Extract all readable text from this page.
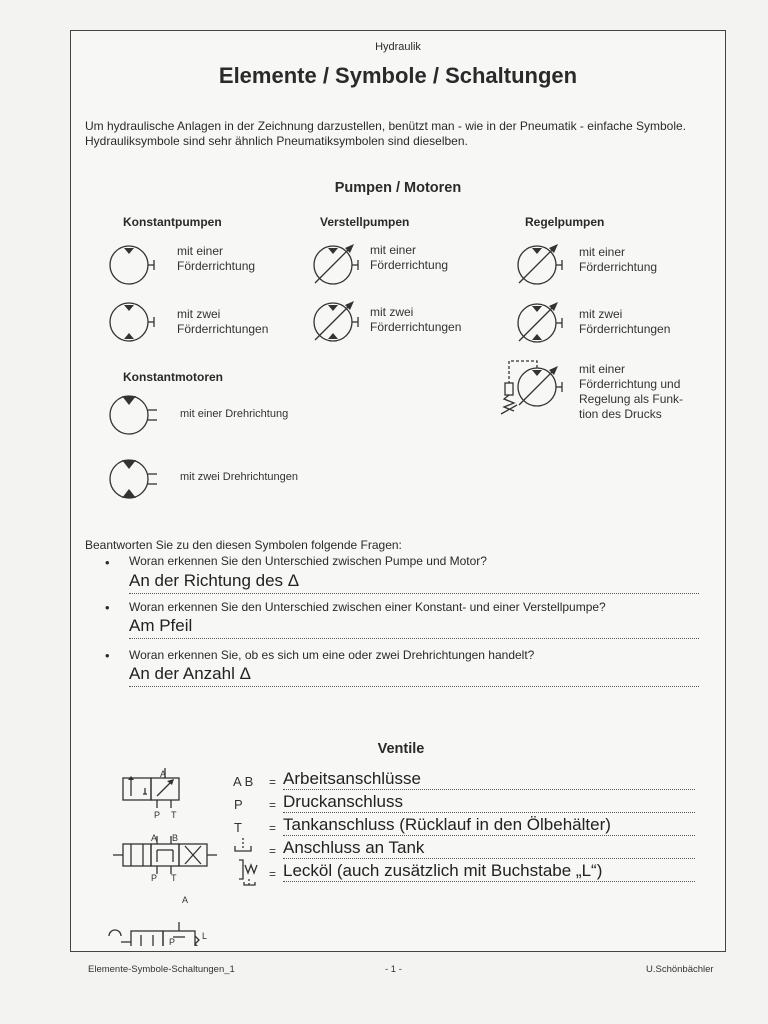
Hydraulik
Elemente / Symbole / Schaltungen
Um hydraulische Anlagen in der Zeichnung darzustellen, benützt man - wie in der Pneumatik - einfache Symbole. Hydrauliksymbole sind sehr ähnlich Pneumatiksymbolen sind dieselben.
Pumpen / Motoren
Konstantpumpen	Verstellpumpen	Regelpumpen
mit einer Förderrichtung
mit zwei Förderrichtungen
mit einer Förderrichtung
mit zwei Förderrichtungen
mit einer Förderrichtung
mit zwei Förderrichtungen
mit einer Förderrichtung und Regelung als Funk- tion des Drucks
Konstantmotoren
mit einer Drehrichtung
mit zwei Drehrichtungen
Beantworten Sie zu den diesen Symbolen folgende Fragen:
• Woran erkennen Sie den Unterschied zwischen Pumpe und Motor?
An der Richtung des Δ
• Woran erkennen Sie den Unterschied zwischen einer Konstant- und einer Verstellpumpe?
Am Pfeil
• Woran erkennen Sie, ob es sich um eine oder zwei Drehrichtungen handelt?
An der Anzahl Δ
Ventile
A B = Arbeitsanschlüsse
P = Druckanschluss
T = Tankanschluss (Rücklauf in den Ölbehälter)
= Anschluss an Tank
= Lecköl (auch zusätzlich mit Buchstabe „L“)
A
P T
A B
P T
A
P
L
Elemente-Symbole-Schaltungen_1	- 1 -	U.Schönbächler
